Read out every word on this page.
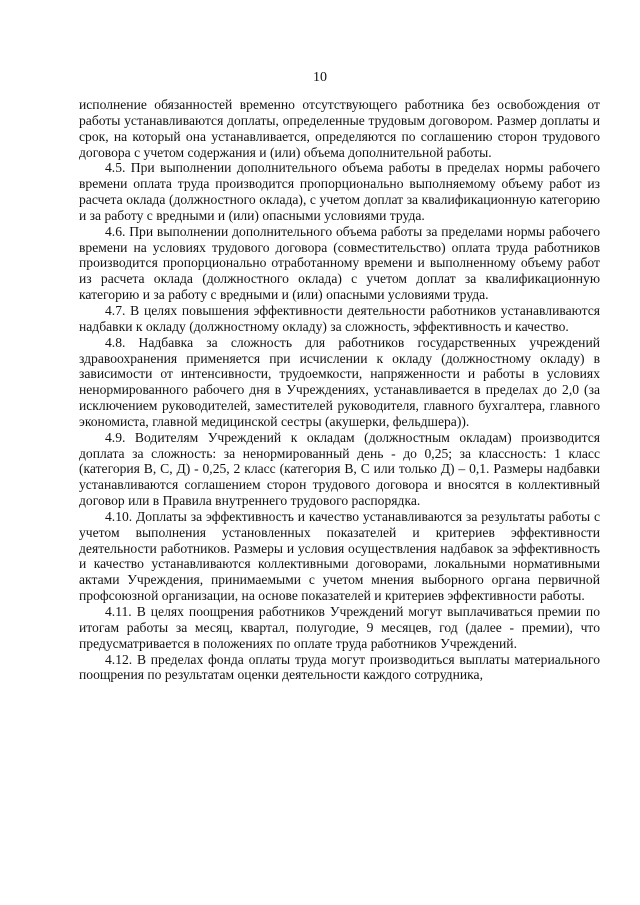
10

исполнение обязанностей временно отсутствующего работника без освобождения от работы устанавливаются доплаты, определенные трудовым договором. Размер доплаты и срок, на который она устанавливается, определяются по соглашению сторон трудового договора с учетом содержания и (или) объема дополнительной работы.

4.5. При выполнении дополнительного объема работы в пределах нормы рабочего времени оплата труда производится пропорционально выполняемому объему работ из расчета оклада (должностного оклада), с учетом доплат за квалификационную категорию и за работу с вредными и (или) опасными условиями труда.

4.6. При выполнении дополнительного объема работы за пределами нормы рабочего времени на условиях трудового договора (совместительство) оплата труда работников производится пропорционально отработанному времени и выполненному объему работ из расчета оклада (должностного оклада) с учетом доплат за квалификационную категорию и за работу с вредными и (или) опасными условиями труда.

4.7. В целях повышения эффективности деятельности работников устанавливаются надбавки к окладу (должностному окладу) за сложность, эффективность и качество.

4.8. Надбавка за сложность для работников государственных учреждений здравоохранения применяется при исчислении к окладу (должностному окладу) в зависимости от интенсивности, трудоемкости, напряженности и работы в условиях ненормированного рабочего дня в Учреждениях, устанавливается в пределах до 2,0 (за исключением руководителей, заместителей руководителя, главного бухгалтера, главного экономиста, главной медицинской сестры (акушерки, фельдшера)).

4.9. Водителям Учреждений к окладам (должностным окладам) производится доплата за сложность: за ненормированный день - до 0,25; за классность: 1 класс (категория В, С, Д) - 0,25, 2 класс (категория В, С или только Д) – 0,1. Размеры надбавки устанавливаются соглашением сторон трудового договора и вносятся в коллективный договор или в Правила внутреннего трудового распорядка.

4.10. Доплаты за эффективность и качество устанавливаются за результаты работы с учетом выполнения установленных показателей и критериев эффективности деятельности работников. Размеры и условия осуществления надбавок за эффективность и качество устанавливаются коллективными договорами, локальными нормативными актами Учреждения, принимаемыми с учетом мнения выборного органа первичной профсоюзной организации, на основе показателей и критериев эффективности работы.

4.11. В целях поощрения работников Учреждений могут выплачиваться премии по итогам работы за месяц, квартал, полугодие, 9 месяцев, год (далее - премии), что предусматривается в положениях по оплате труда работников Учреждений.

4.12. В пределах фонда оплаты труда могут производиться выплаты материального поощрения по результатам оценки деятельности каждого сотрудника,
